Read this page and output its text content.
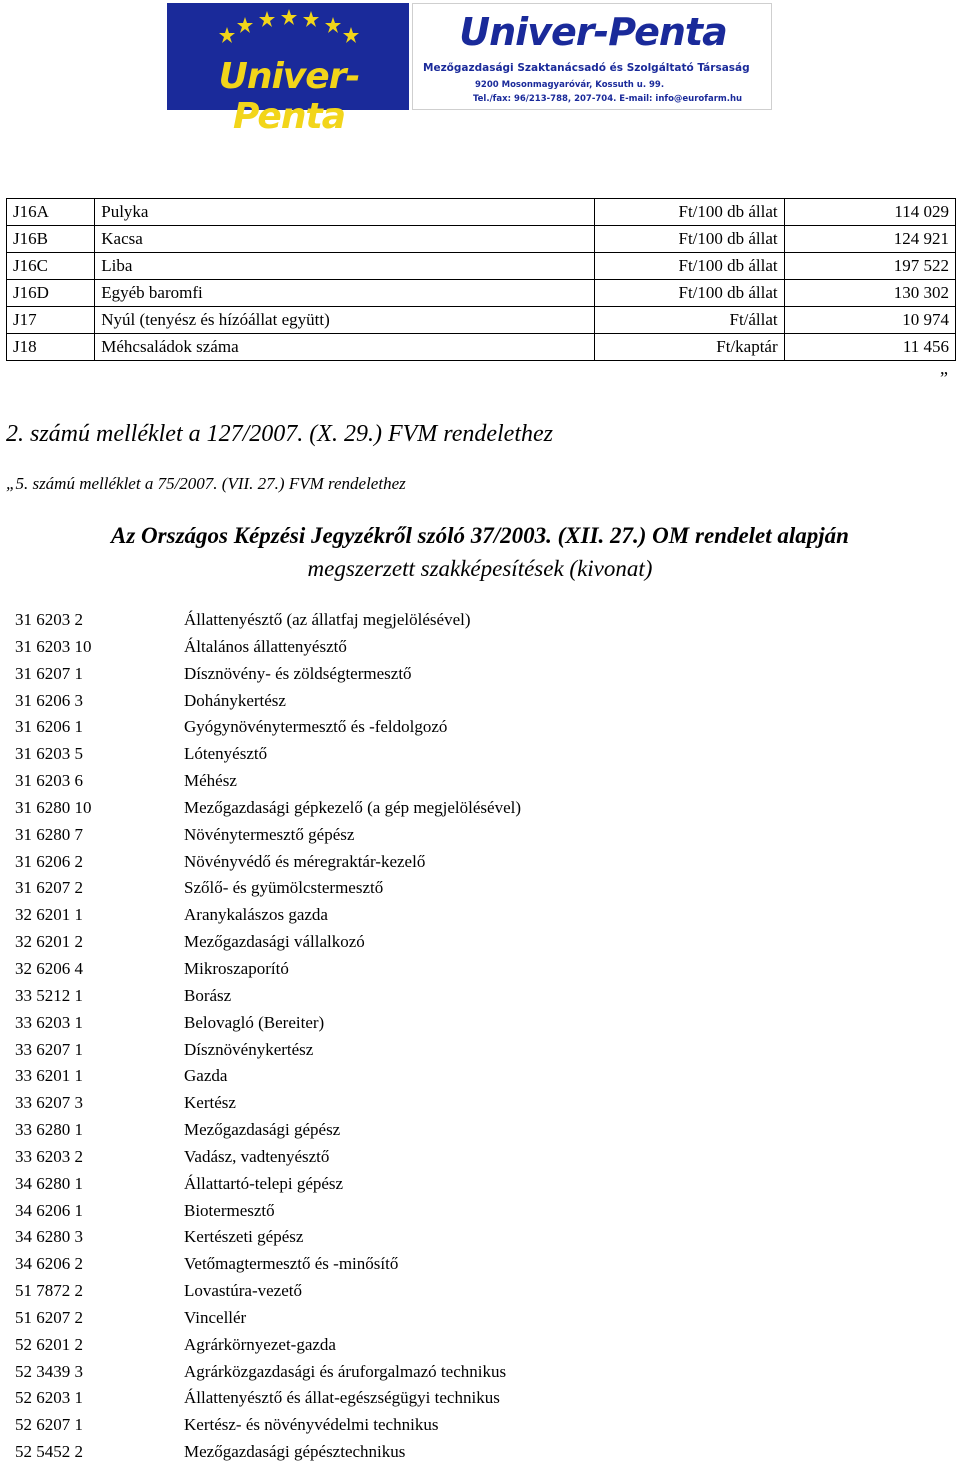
Univer-Penta
Univer-Penta
Mezőgazdasági Szaktanácsadó és Szolgáltató Társaság
9200 Mosonmagyaróvár, Kossuth u. 99.
Tel./fax: 96/213-788, 207-704. E-mail: info@eurofarm.hu
J16A	Pulyka	Ft/100 db állat	114 029
J16B	Kacsa	Ft/100 db állat	124 921
J16C	Liba	Ft/100 db állat	197 522
J16D	Egyéb baromfi	Ft/100 db állat	130 302
J17	Nyúl (tenyész és hízóállat együtt)	Ft/állat	10 974
J18	Méhcsaládok száma	Ft/kaptár	11 456
”
2. számú melléklet a 127/2007. (X. 29.) FVM rendelethez
„5. számú melléklet a 75/2007. (VII. 27.) FVM rendelethez
Az Országos Képzési Jegyzékről szóló 37/2003. (XII. 27.) OM rendelet alapján
megszerzett szakképesítések (kivonat)
31 6203 2	Állattenyésztő (az állatfaj megjelölésével)
31 6203 10	Általános állattenyésztő
31 6207 1	Dísznövény- és zöldségtermesztő
31 6206 3	Dohánykertész
31 6206 1	Gyógynövénytermesztő és -feldolgozó
31 6203 5	Lótenyésztő
31 6203 6	Méhész
31 6280 10	Mezőgazdasági gépkezelő (a gép megjelölésével)
31 6280 7	Növénytermesztő gépész
31 6206 2	Növényvédő és méregraktár-kezelő
31 6207 2	Szőlő- és gyümölcstermesztő
32 6201 1	Aranykalászos gazda
32 6201 2	Mezőgazdasági vállalkozó
32 6206 4	Mikroszaporító
33 5212 1	Borász
33 6203 1	Belovagló (Bereiter)
33 6207 1	Dísznövénykertész
33 6201 1	Gazda
33 6207 3	Kertész
33 6280 1	Mezőgazdasági gépész
33 6203 2	Vadász, vadtenyésztő
34 6280 1	Állattartó-telepi gépész
34 6206 1	Biotermesztő
34 6280 3	Kertészeti gépész
34 6206 2	Vetőmagtermesztő és -minősítő
51 7872 2	Lovastúra-vezető
51 6207 2	Vincellér
52 6201 2	Agrárkörnyezet-gazda
52 3439 3	Agrárközgazdasági és áruforgalmazó technikus
52 6203 1	Állattenyésztő és állat-egészségügyi technikus
52 6207 1	Kertész- és növényvédelmi technikus
52 5452 2	Mezőgazdasági gépésztechnikus
